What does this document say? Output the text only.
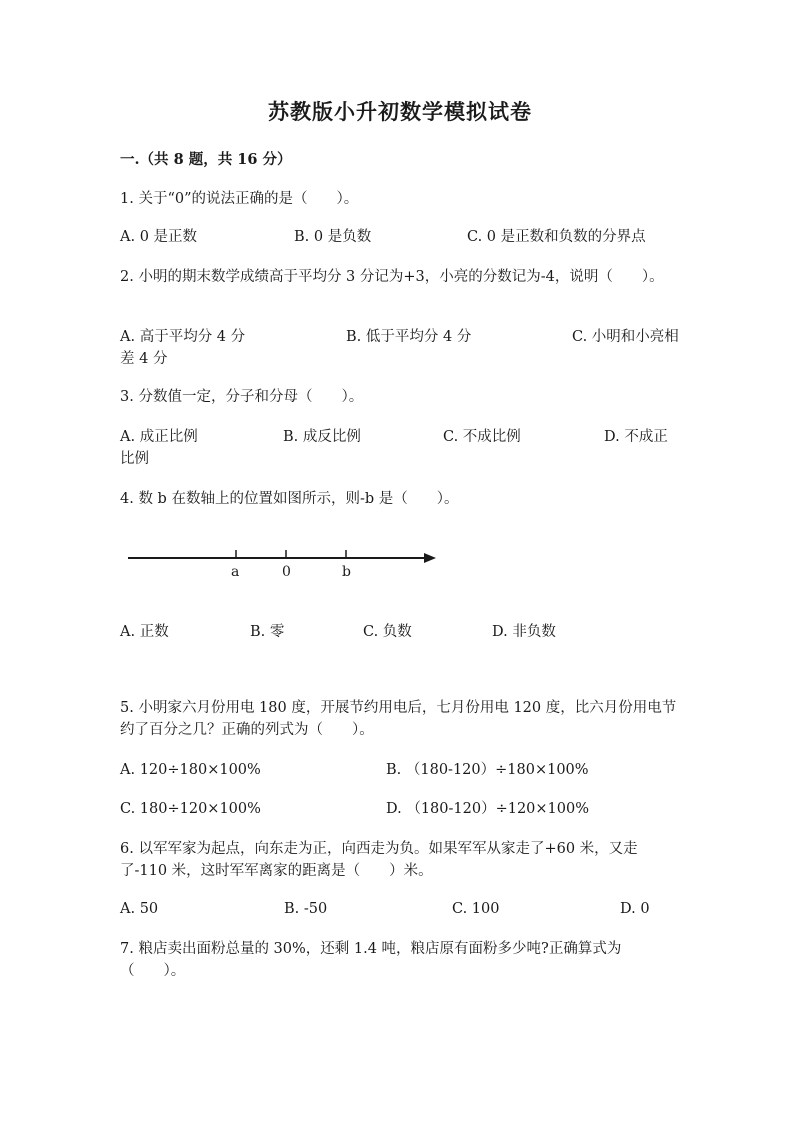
苏教版小升初数学模拟试卷
一.（共 8 题，共 16 分）
1. 关于“0”的说法正确的是（　　）。
A. 0 是正数	B. 0 是负数	C. 0 是正数和负数的分界点
2. 小明的期末数学成绩高于平均分 3 分记为+3，小亮的分数记为-4，说明（　　）。
A. 高于平均分 4 分	B. 低于平均分 4 分	C. 小明和小亮相差 4 分
3. 分数值一定，分子和分母（　　）。
A. 成正比例	B. 成反比例	C. 不成比例	D. 不成正比例
4. 数 b 在数轴上的位置如图所示，则-b 是（　　）。
a	0	b
A. 正数	B. 零	C. 负数	D. 非负数
5. 小明家六月份用电 180 度，开展节约用电后，七月份用电 120 度，比六月份用电节约了百分之几？正确的列式为（　　）。
A. 120÷180×100%	B. （180-120）÷180×100%
C. 180÷120×100%	D. （180-120）÷120×100%
6. 以军军家为起点，向东走为正，向西走为负。如果军军从家走了+60 米，又走了-110 米，这时军军离家的距离是（　　）米。
A. 50	B. -50	C. 100	D. 0
7. 粮店卖出面粉总量的 30%，还剩 1.4 吨，粮店原有面粉多少吨?正确算式为（　　）。
